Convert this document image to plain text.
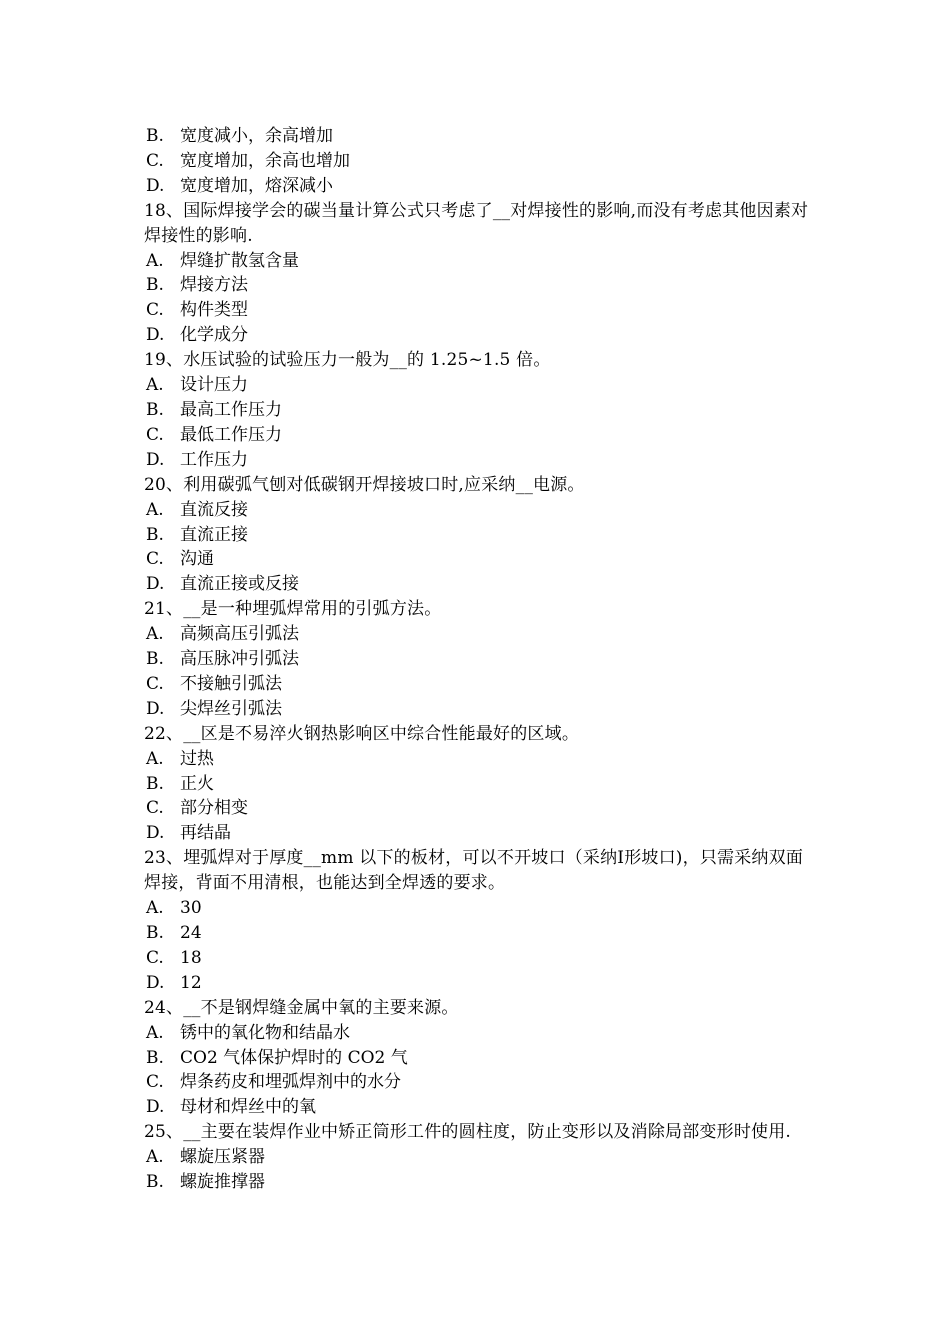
B. 宽度减小，余高增加
C. 宽度增加，余高也增加
D. 宽度增加，熔深减小
18、国际焊接学会的碳当量计算公式只考虑了__对焊接性的影响,而没有考虑其他因素对焊接性的影响.
A. 焊缝扩散氢含量
B. 焊接方法
C. 构件类型
D. 化学成分
19、水压试验的试验压力一般为__的 1.25~1.5 倍。
A. 设计压力
B. 最高工作压力
C. 最低工作压力
D. 工作压力
20、利用碳弧气刨对低碳钢开焊接坡口时,应采纳__电源。
A. 直流反接
B. 直流正接
C. 沟通
D. 直流正接或反接
21、__是一种埋弧焊常用的引弧方法。
A. 高频高压引弧法
B. 高压脉冲引弧法
C. 不接触引弧法
D. 尖焊丝引弧法
22、__区是不易淬火钢热影响区中综合性能最好的区域。
A. 过热
B. 正火
C. 部分相变
D. 再结晶
23、埋弧焊对于厚度__mm 以下的板材，可以不开坡口（采纳Ⅰ形坡口)，只需采纳双面焊接，背面不用清根，也能达到全焊透的要求。
A. 30
B. 24
C. 18
D. 12
24、__不是钢焊缝金属中氧的主要来源。
A. 锈中的氧化物和结晶水
B. CO2 气体保护焊时的 CO2 气
C. 焊条药皮和埋弧焊剂中的水分
D. 母材和焊丝中的氧
25、__主要在装焊作业中矫正筒形工件的圆柱度，防止变形以及消除局部变形时使用.
A. 螺旋压紧器
B. 螺旋推撑器
